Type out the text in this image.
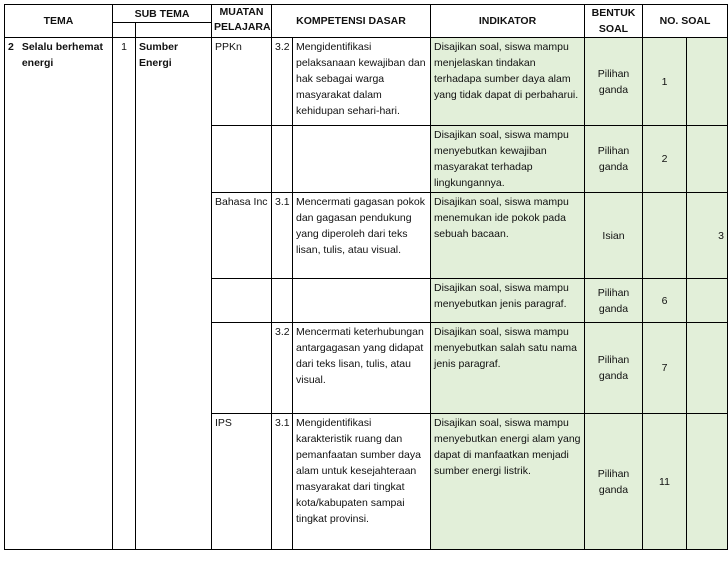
TEMA	SUB TEMA		MUATAN PELAJARA	KOMPETENSI DASAR		INDIKATOR	BENTUK SOAL	NO. SOAL	

2 Selalu berhemat energi	1	Sumber Energi	PPKn	3.2	Mengidentifikasi pelaksanaan kewajiban dan hak sebagai warga masyarakat dalam kehidupan sehari-hari.	Disajikan soal, siswa mampu menjelaskan tindakan terhadapa sumber daya alam yang tidak dapat di perbaharui.	Pilihan ganda	1	
						Disajikan soal, siswa mampu menyebutkan kewajiban masyarakat terhadap lingkungannya.	Pilihan ganda	2	
			Bahasa Inc	3.1	Mencermati gagasan pokok dan gagasan pendukung yang diperoleh dari teks lisan, tulis, atau visual.	Disajikan soal, siswa mampu menemukan ide pokok pada sebuah bacaan.	Isian		3
						Disajikan soal, siswa mampu menyebutkan jenis paragraf.	Pilihan ganda	6	
				3.2	Mencermati keterhubungan antargagasan yang didapat dari teks lisan, tulis, atau visual.	Disajikan soal, siswa mampu menyebutkan salah satu nama jenis paragraf.	Pilihan ganda	7	
			IPS	3.1	Mengidentifikasi karakteristik ruang dan pemanfaatan sumber daya alam untuk kesejahteraan masyarakat dari tingkat kota/kabupaten sampai tingkat provinsi.	Disajikan soal, siswa mampu menyebutkan energi alam yang dapat di manfaatkan menjadi sumber energi listrik.	Pilihan ganda	11	
